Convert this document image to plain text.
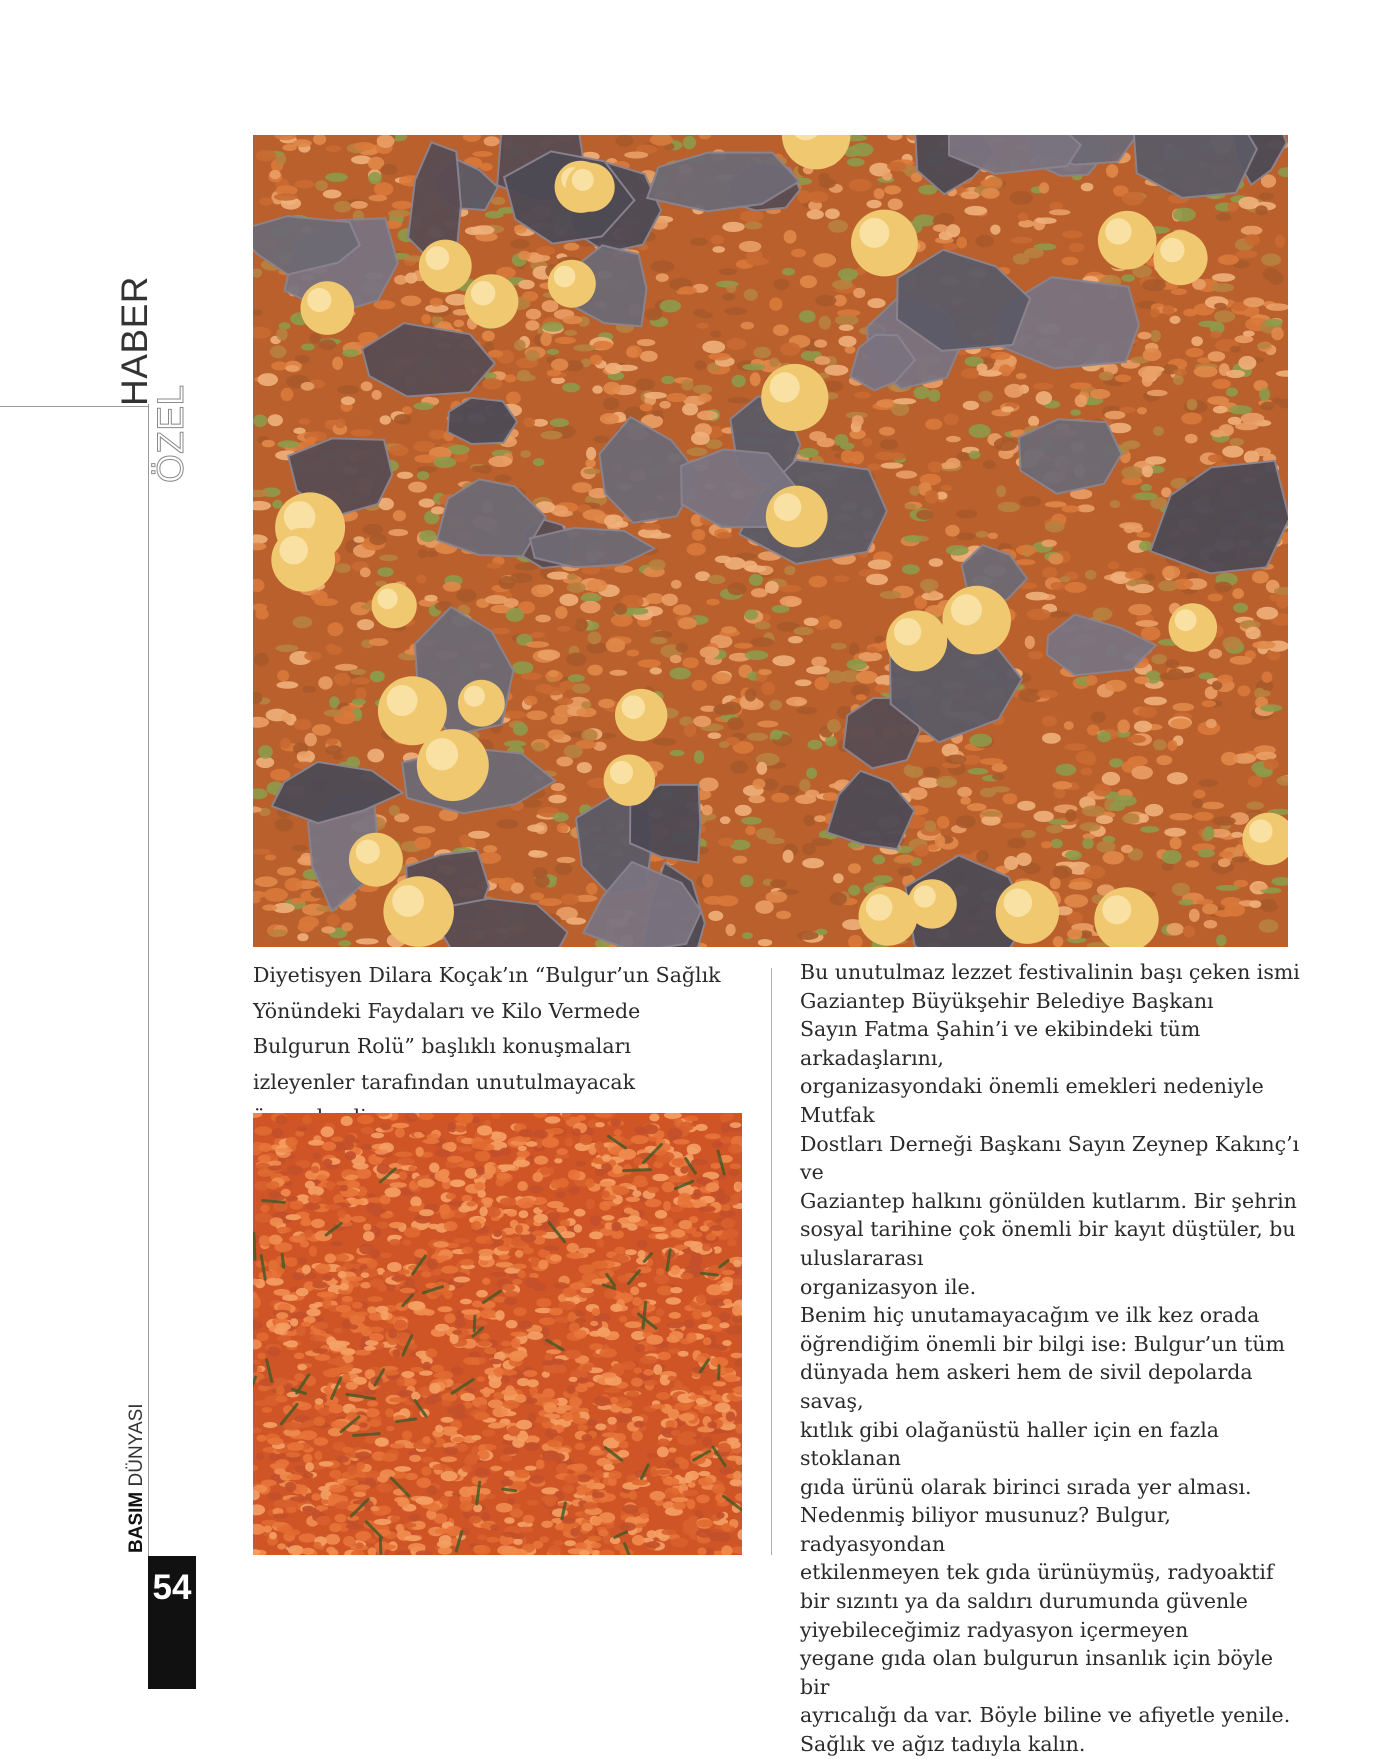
HABER
ÖZEL
BASIM DÜNYASI
54
Diyetisyen Dilara Koçak’ın “Bulgur’un Sağlık Yönündeki Faydaları ve Kilo Vermede Bulgurun Rolü” başlıklı konuşmaları izleyenler tarafından unutulmayacak

Bu unutulmaz lezzet festivalinin başı çeken ismi

Gaziantep Büyükşehir Belediye Başkanı

Sayın Fatma Şahin’i ve ekibindeki tüm arkadaşlarını,

organizasyondaki önemli emekleri nedeniyle Mutfak

Dostları Derneği Başkanı Sayın Zeynep Kakınç’ı ve

Gaziantep halkını gönülden kutlarım. Bir şehrin

sosyal tarihine çok önemli bir kayıt düştüler, bu

uluslararası

organizasyon ile.

Benim hiç unutamayacağım ve ilk kez orada

öğrendiğim önemli bir bilgi ise: Bulgur’un tüm

dünyada hem askeri hem de sivil depolarda savaş,

kıtlık gibi olağanüstü haller için en fazla stoklanan

gıda ürünü olarak birinci sırada yer alması.

Nedenmiş biliyor musunuz? Bulgur, radyasyondan

etkilenmeyen tek gıda ürünüymüş, radyoaktif

bir sızıntı ya da saldırı durumunda güvenle

yiyebileceğimiz radyasyon içermeyen

yegane gıda olan bulgurun insanlık için böyle bir

ayrıcalığı da var. Böyle biline ve afiyetle yenile.

Sağlık ve ağız tadıyla kalın.
